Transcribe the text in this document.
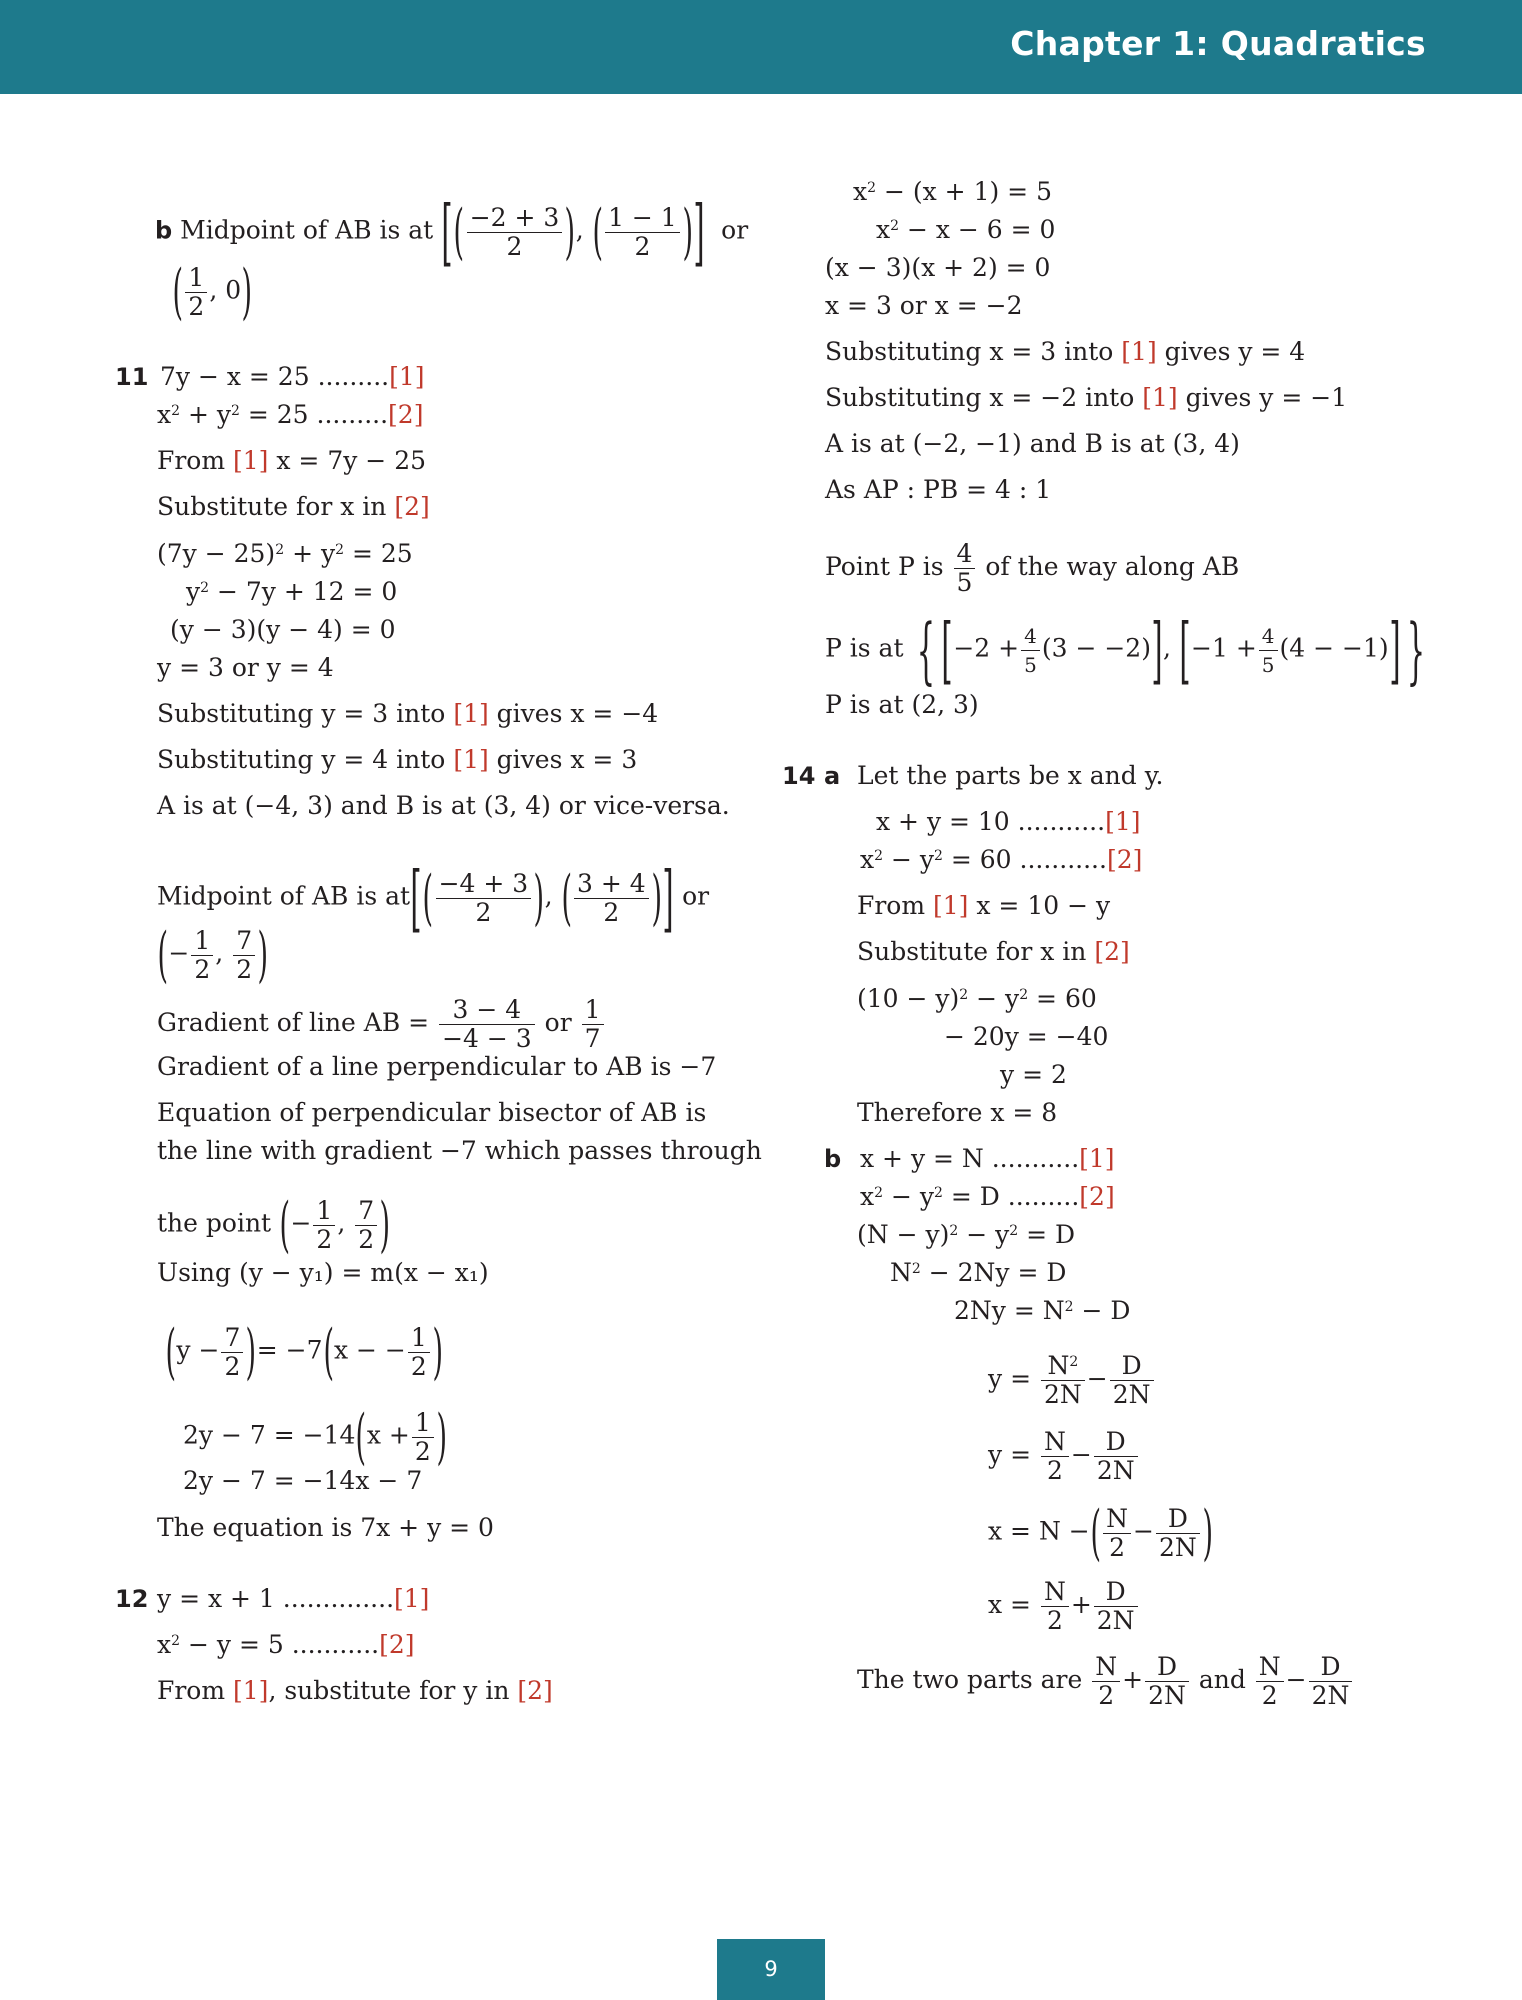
Chapter 1: Quadratics
b Midpoint of AB is at [( $\frac{-2 + 3}{2}$ ), ( $\frac{1 - 1}{2}$ )] or
( $\frac{1}{2}$ , 0)
11 7y − x = 25 .........[1]
$x^2 + y^2 = 25$ .........[2]
From [1] x = 7y − 25
Substitute for x in [2]
$(7y - 25)^2 + y^2 = 25$
$y^2 - 7y + 12 = 0$
(y − 3)(y − 4) = 0
y = 3 or y = 4
Substituting y = 3 into [1] gives x = −4
Substituting y = 4 into [1] gives x = 3
A is at (−4, 3) and B is at (3, 4) or vice-versa.
Midpoint of AB is $at[( \frac{-4 + 3}{2}$ ), ( $\frac{3 + 4}{2}$ )] or
(− $\frac{1}{2}$ , $\frac{7}{2}$ )
Gradient of line AB = $\frac{3 - 4}{-4 - 3}$ or $\frac{1}{7}$
Gradient of a line perpendicular to AB is −7
Equation of perpendicular bisector of AB is
the line with gradient −7 which passes through
the point (− $\frac{1}{2}$ , $\frac{7}{2}$ )
Using (y − y₁) = m(x − x₁)
($y - \frac{7}{2}$ )= −7(x − − $\frac{1}{2}$ )
$2y - 7 = -14(x + \frac{1}{2}$ )
2y − 7 = −14x − 7
The equation is 7x + y = 0
12 y = x + 1 ..............[1]
$x^2 - y = 5$ ...........[2]
From [1], substitute for y in [2]
$x^2 - (x + 1) = 5$
$x^2 - x - 6 = 0$
(x − 3)(x + 2) = 0
x = 3 or x = −2
Substituting x = 3 into [1] gives y = 4
Substituting x = −2 into [1] gives y = −1
A is at (−2, −1) and B is at (3, 4)
As AP : PB = 4 : 1
Point P is $\frac{4}{5}$ of the way along AB
P is at {$[-2 + \frac{4}{5} (3 - -2)]$, $[-1 + \frac{4}{5} (4 - -1)]$}
P is at (2, 3)
14 a Let the parts be x and y.
x + y = 10 ...........[1]
$x^2 - y^2 = 60$ ...........[2]
From [1] x = 10 − y
Substitute for x in [2]
$(10 - y)^2 - y^2 = 60$
− 20y = −40
y = 2
Therefore x = 8
b x + y = N ...........[1]
$x^2 - y^2 = D$ .........[2]
$(N - y)^2 - y^2 = D$
$N^2 - 2Ny = D$
$2Ny = N^2 - D$
$y = \frac{N^2}{2N} - \frac{D}{2N}$
$y = \frac{N}{2} - \frac{D}{2N}$
x = N −( $\frac{N}{2} - \frac{D}{2N}$ )
$x = \frac{N}{2} + \frac{D}{2N}$
The two parts are $\frac{N}{2} + \frac{D}{2N}$ and $\frac{N}{2} - \frac{D}{2N}$
9
